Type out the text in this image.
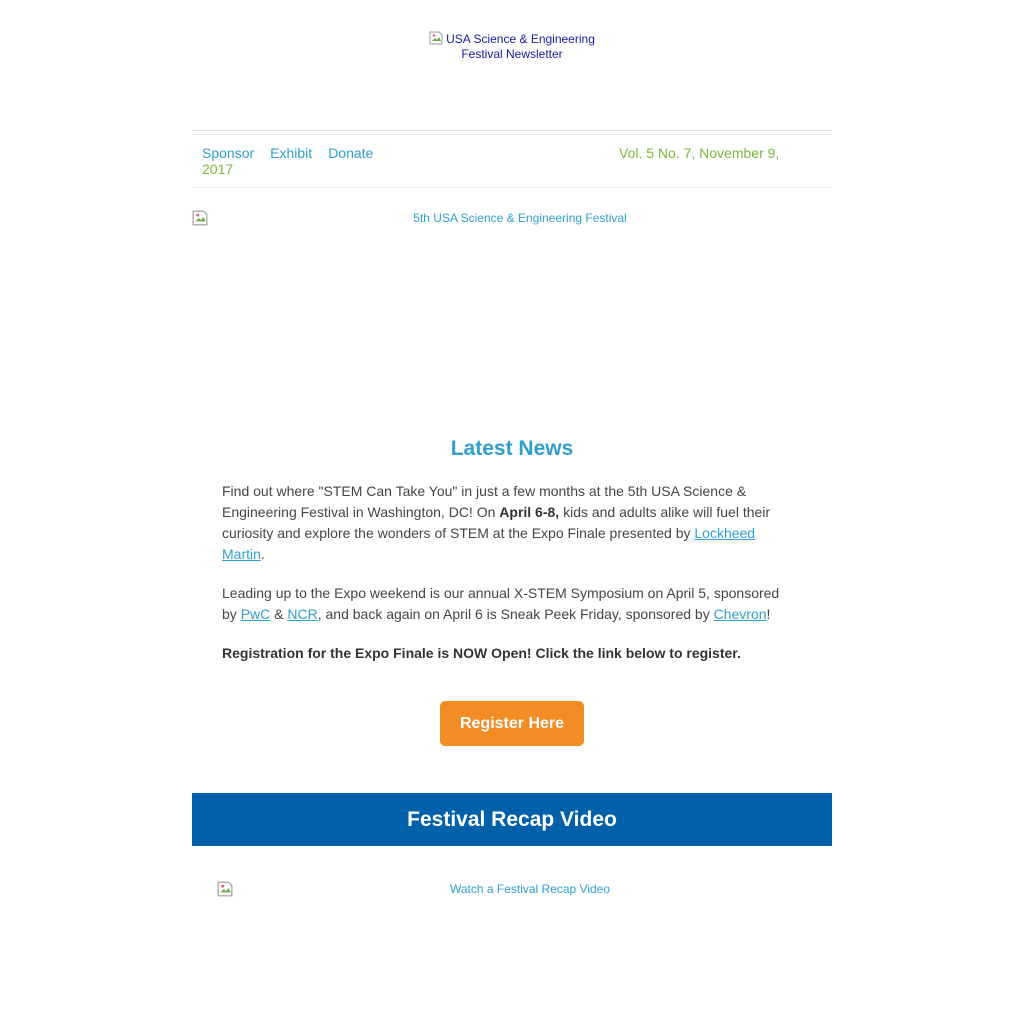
USA Science & Engineering Festival Newsletter
Sponsor Exhibit Donate	Vol. 5 No. 7, November 9,
2017
5th USA Science & Engineering Festival
Latest News

Find out where "STEM Can Take You" in just a few months at the 5th USA Science & Engineering Festival in Washington, DC! On April 6-8, kids and adults alike will fuel their curiosity and explore the wonders of STEM at the Expo Finale presented by Lockheed Martin.

Leading up to the Expo weekend is our annual X-STEM Symposium on April 5, sponsored by PwC & NCR, and back again on April 6 is Sneak Peek Friday, sponsored by Chevron!

Registration for the Expo Finale is NOW Open! Click the link below to register.

Register Here
Festival Recap Video
Watch a Festival Recap Video
